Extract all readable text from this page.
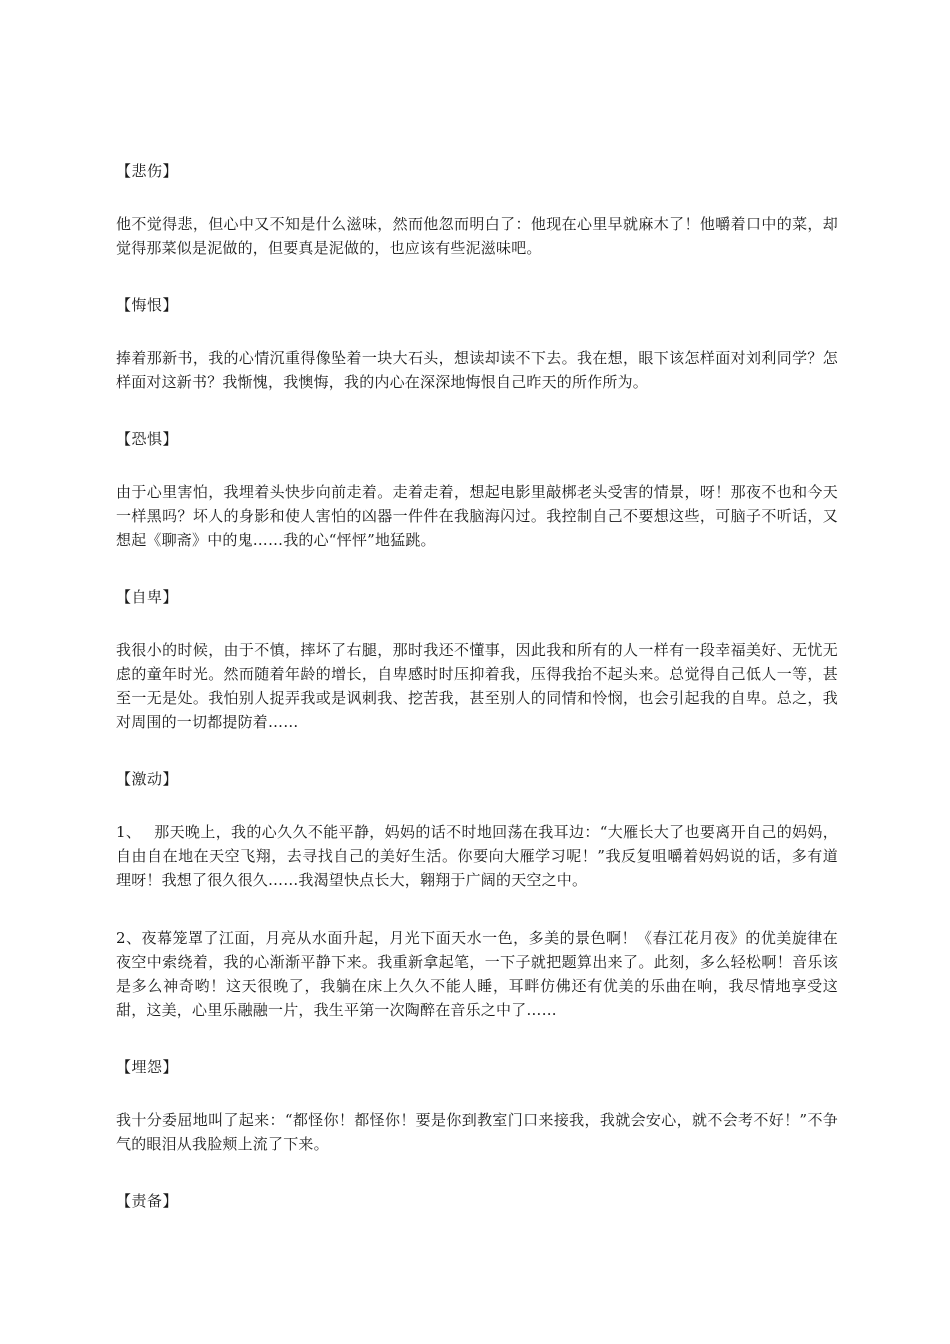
【悲伤】

他不觉得悲，但心中又不知是什么滋味，然而他忽而明白了：他现在心里早就麻木了！他嚼着口中的菜，却觉得那菜似是泥做的，但要真是泥做的，也应该有些泥滋味吧。

【悔恨】

捧着那新书，我的心情沉重得像坠着一块大石头，想读却读不下去。我在想，眼下该怎样面对刘利同学？怎样面对这新书？我惭愧，我懊悔，我的内心在深深地悔恨自己昨天的所作所为。

【恐惧】

由于心里害怕，我埋着头快步向前走着。走着走着，想起电影里敲梆老头受害的情景，呀！那夜不也和今天一样黑吗？坏人的身影和使人害怕的凶器一件件在我脑海闪过。我控制自己不要想这些，可脑子不听话，又想起《聊斋》中的鬼……我的心“怦怦”地猛跳。

【自卑】

我很小的时候，由于不慎，摔坏了右腿，那时我还不懂事，因此我和所有的人一样有一段幸福美好、无忧无虑的童年时光。然而随着年龄的增长，自卑感时时压抑着我，压得我抬不起头来。总觉得自己低人一等，甚至一无是处。我怕别人捉弄我或是讽刺我、挖苦我，甚至别人的同情和怜悯，也会引起我的自卑。总之，我对周围的一切都提防着……

【激动】

1、　 那天晚上，我的心久久不能平静，妈妈的话不时地回荡在我耳边：“大雁长大了也要离开自己的妈妈，自由自在地在天空飞翔，去寻找自己的美好生活。你要向大雁学习呢！”我反复咀嚼着妈妈说的话，多有道理呀！我想了很久很久……我渴望快点长大，翱翔于广阔的天空之中。

2、夜幕笼罩了江面，月亮从水面升起，月光下面天水一色，多美的景色啊！《春江花月夜》的优美旋律在夜空中索绕着，我的心渐渐平静下来。我重新拿起笔，一下子就把题算出来了。此刻，多么轻松啊！音乐该是多么神奇哟！这天很晚了，我躺在床上久久不能人睡，耳畔仿佛还有优美的乐曲在响，我尽情地享受这甜，这美，心里乐融融一片，我生平第一次陶醉在音乐之中了……

【埋怨】

我十分委屈地叫了起来：“都怪你！都怪你！要是你到教室门口来接我，我就会安心，就不会考不好！”不争气的眼泪从我脸颊上流了下来。

【责备】
